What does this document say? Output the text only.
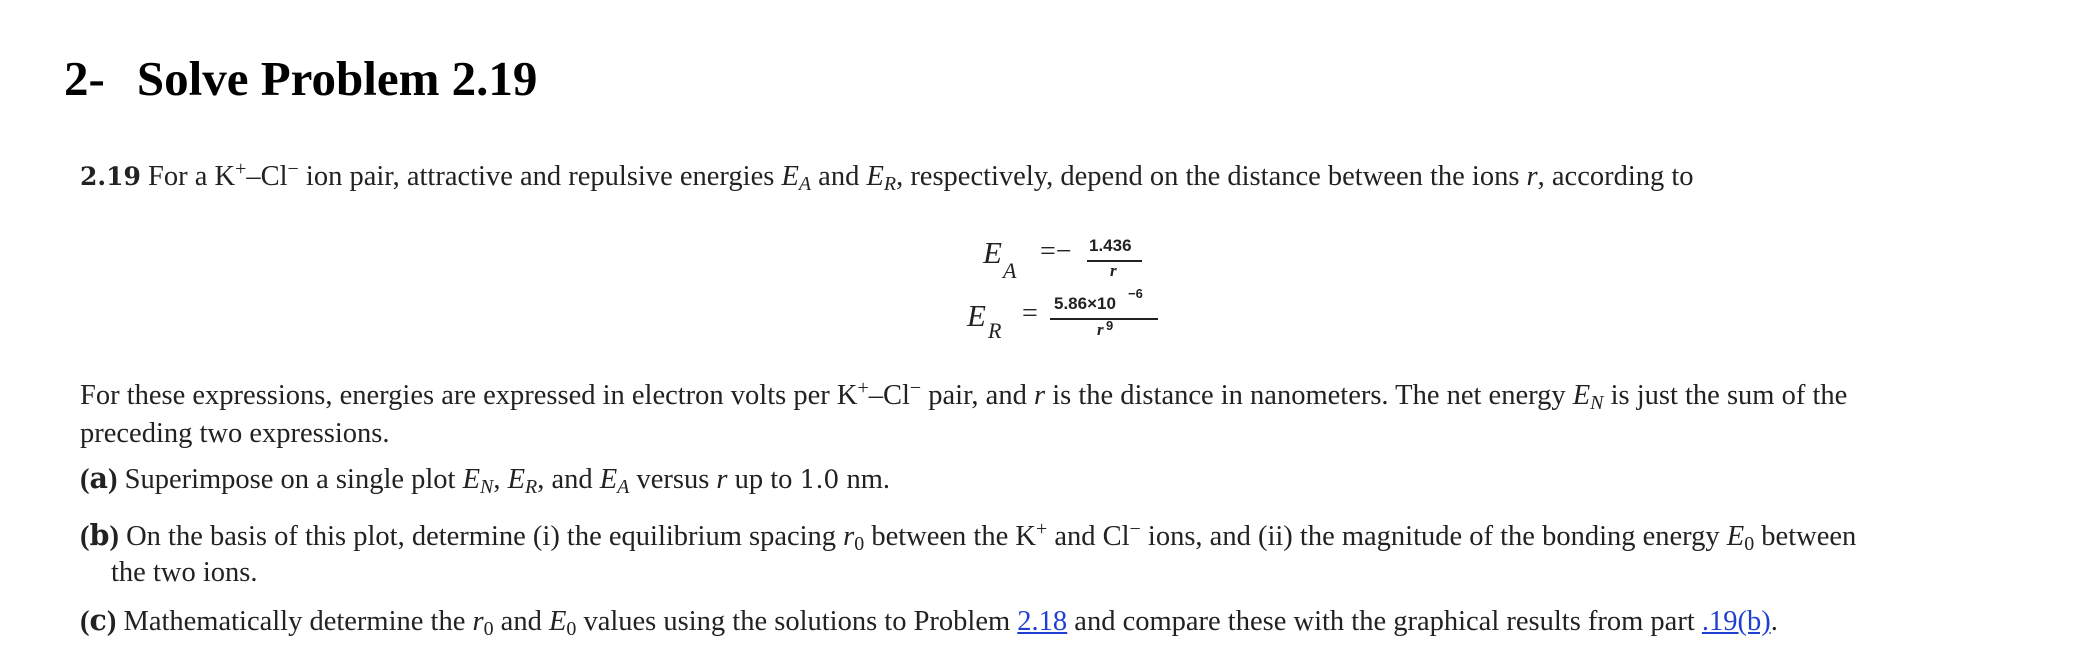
2- Solve Problem 2.19
2.19 For a K+–Cl− ion pair, attractive and repulsive energies $E_A$ and $E_R$, respectively, depend on the distance between the ions r, according to
E
A
=− 1.436
r
E R
= 5.86×10
−6
r 9
For these expressions, energies are expressed in electron volts per K+–Cl− pair, and r is the distance in nanometers. The net energy $E_N$ is just the sum of the
preceding two expressions.
(a) Superimpose on a single plot $E_N$, $E_R$, and $E_A$ versus r up to 1.0 nm.
(b) On the basis of this plot, determine (i) the equilibrium spacing $r_0$ between the K+ and Cl− ions, and (ii) the magnitude of the bonding energy $E_0$ between
the two ions.
(c) Mathematically determine the $r_0$ and $E_0$ values using the solutions to Problem 2.18 and compare these with the graphical results from part .19(b).
